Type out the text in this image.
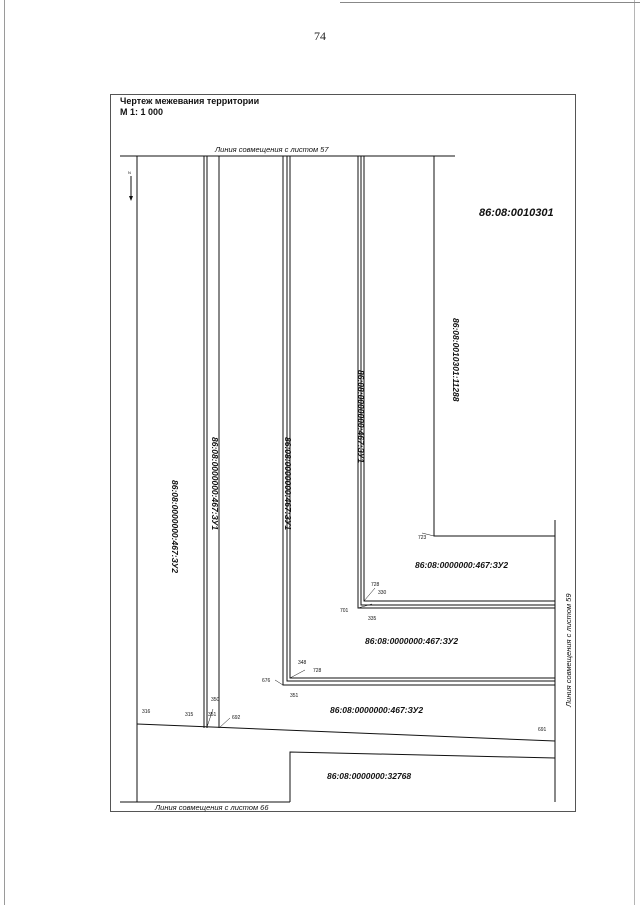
74
Чертеж межевания территории
М 1: 1 000
N
Линия совмещения с листом 57
Линия совмещения с листом 66
Линия совмещения с листом 59
86:08:0010301
86:08:0000000:467:ЗУ2	86:08:0000000:467:ЗУ1	86:08:0000000:467:ЗУ1
86:08:0000000:467:ЗУ1
86:08:0010301:11288
86:08:0000000:467:ЗУ2
86:08:0000000:467:ЗУ2
86:08:0000000:467:ЗУ2
86:08:0000000:32768
723
728
330
701
335
348
728
676
351
316	315
350
351	692
691
